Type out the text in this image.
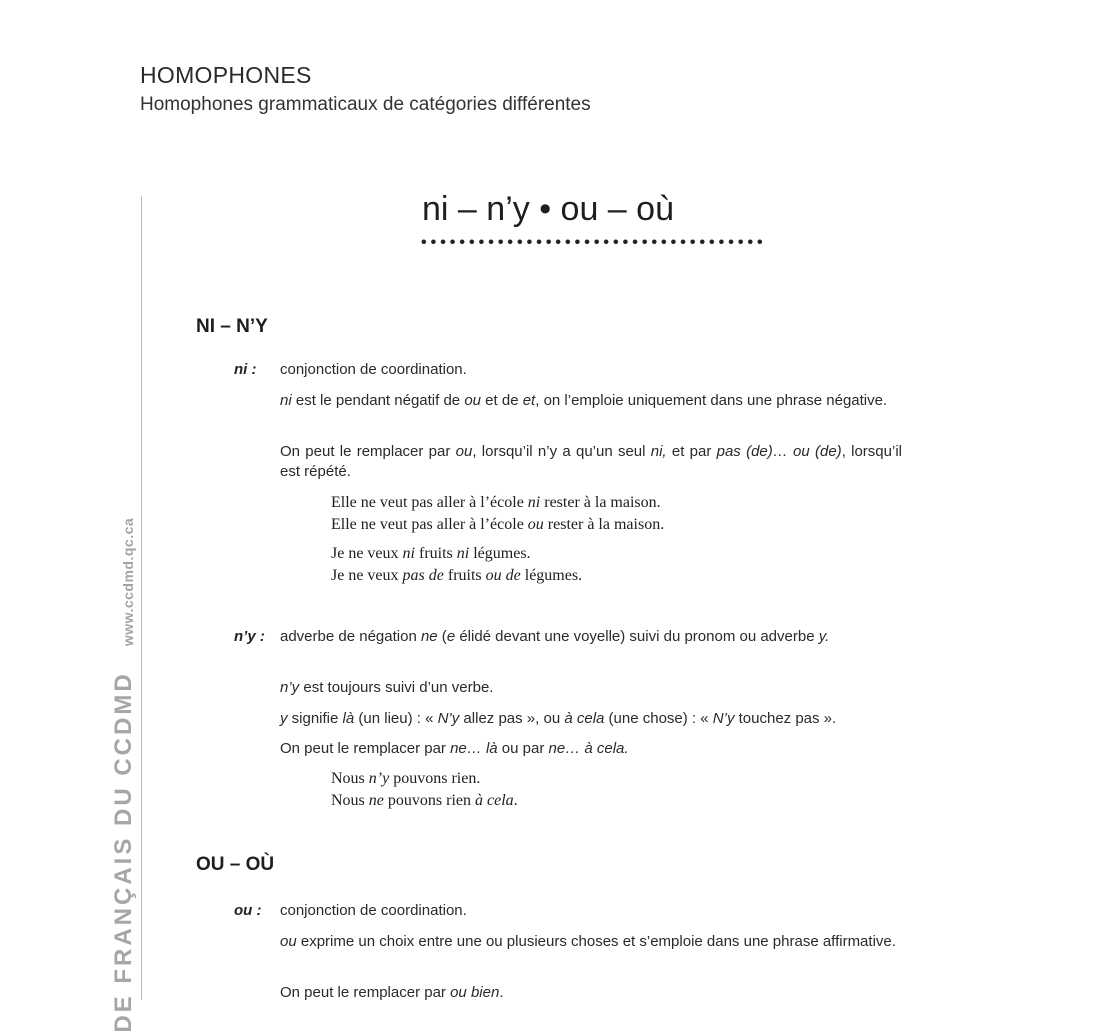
HOMOPHONES
Homophones grammaticaux de catégories différentes
www.ccdmd.qc.ca
DE FRANÇAIS DU CCDMD
ni – n’y • ou – où
••••••••••••••••••••••••••••••••••••
NI – N’Y
ni : conjonction de coordination.
ni est le pendant négatif de ou et de et, on l’emploie uniquement dans une phrase négative.
On peut le remplacer par ou, lorsqu’il n’y a qu’un seul ni, et par pas (de)… ou (de), lorsqu’il est répété.
Elle ne veut pas aller à l’école ni rester à la maison.
Elle ne veut pas aller à l’école ou rester à la maison.
Je ne veux ni fruits ni légumes.
Je ne veux pas de fruits ou de légumes.
n’y : adverbe de négation ne (e élidé devant une voyelle) suivi du pronom ou adverbe y.
n’y est toujours suivi d’un verbe.
y signifie là (un lieu) : « N’y allez pas », ou à cela (une chose) : « N’y touchez pas ».
On peut le remplacer par ne… là ou par ne… à cela.
Nous n’y pouvons rien.
Nous ne pouvons rien à cela.
OU – OÙ
ou : conjonction de coordination.
ou exprime un choix entre une ou plusieurs choses et s’emploie dans une phrase affirmative.
On peut le remplacer par ou bien.
